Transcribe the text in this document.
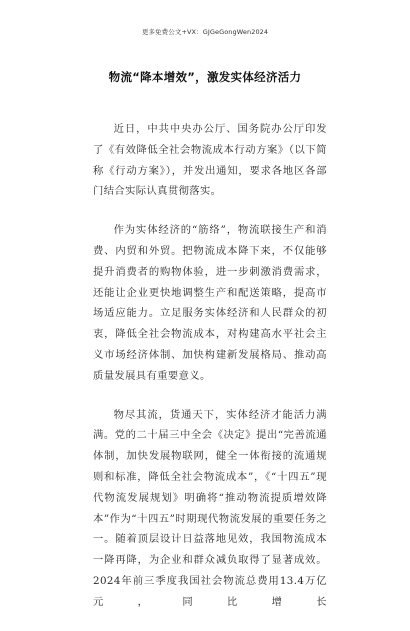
更多免费公文+VX：GJGeGongWen2024
物流“降本增效”，激发实体经济活力

近日，中共中央办公厅、国务院办公厅印发了《有效降低全社会物流成本行动方案》（以下简称《行动方案》），并发出通知，要求各地区各部门结合实际认真贯彻落实。

作为实体经济的“筋络”，物流联接生产和消费、内贸和外贸。把物流成本降下来，不仅能够提升消费者的购物体验，进一步刺激消费需求，还能让企业更快地调整生产和配送策略，提高市场适应能力。立足服务实体经济和人民群众的初衷，降低全社会物流成本，对构建高水平社会主义市场经济体制、加快构建新发展格局、推动高质量发展具有重要意义。

物尽其流，货通天下，实体经济才能活力满满。党的二十届三中全会《决定》提出“完善流通体制，加快发展物联网，健全一体衔接的流通规则和标准，降低全社会物流成本”，《“十四五”现代物流发展规划》明确将“推动物流提质增效降本”作为“十四五”时期现代物流发展的重要任务之一。随着顶层设计日益落地见效，我国物流成本一降再降，为企业和群众减负取得了显著成效。2024年前三季度我国社会物流总费用13.4万亿元，同比增长
